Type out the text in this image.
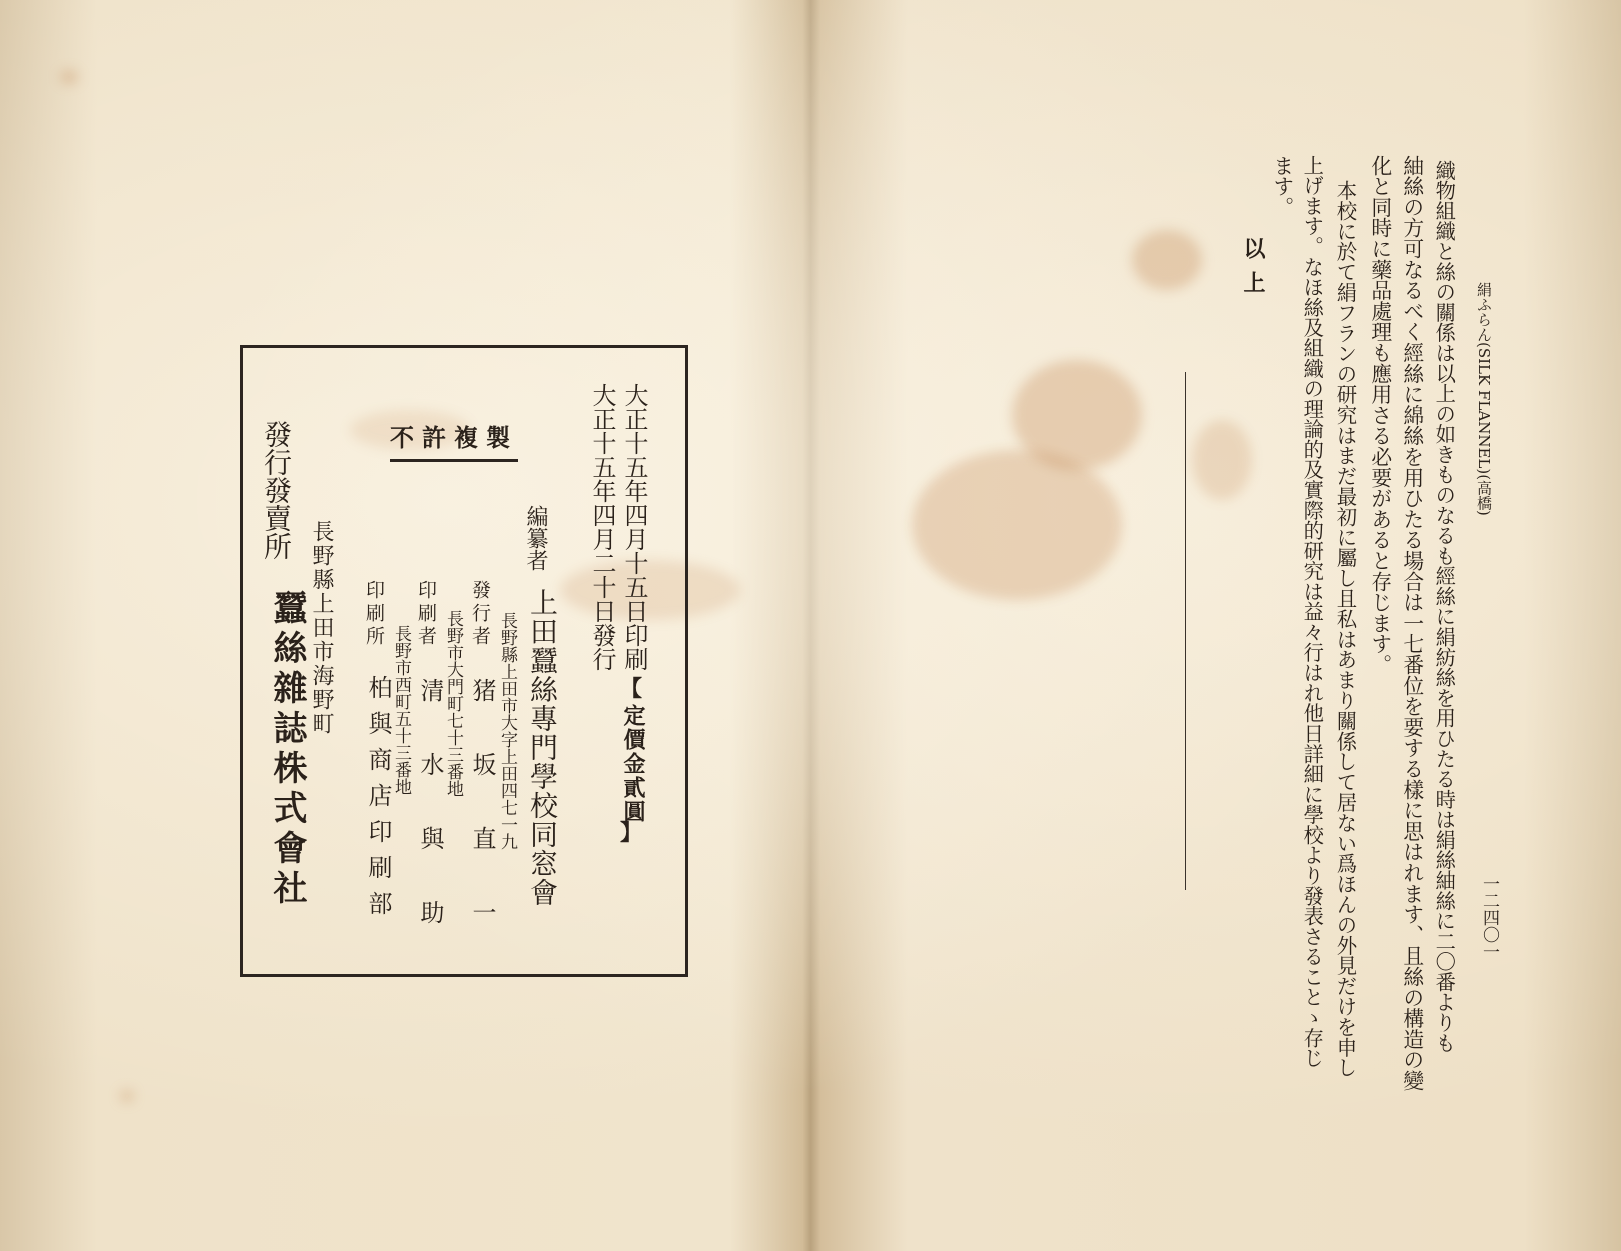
不許複製	大正十五年四月十五日印刷
大正十五年四月二十日發行
【
定價金貳圓
】
編纂者
上田蠶絲專門學校同窓會
長野縣上田市大字上田四七一九
發行者
猪坂直一
長野市大門町七十三番地
印刷者
清水與助
長野市西町五十三番地
印刷所
柏與商店印刷部
長野縣上田市海野町
發行發賣所
蠶絲雜誌株式會社
絹ふらん(SILK FLANNEL)(高橋)
一二四〇一
織物組織と絲の關係は以上の如きものなるも經絲に絹紡絲を用ひたる時は絹絲紬絲に二〇番よりも
紬絲の方可なるべく經絲に綿絲を用ひたる場合は一七番位を要する樣に思はれます、且絲の構造の變
化と同時に藥品處理も應用さる必要があると存じます。
本校に於て絹フランの研究はまだ最初に屬し且私はあまり關係して居ない爲ほんの外見だけを申し
上げます。なほ絲及組織の理論的及實際的研究は益々行はれ他日詳細に學校より發表さることゝ存じ
ます。
以上
